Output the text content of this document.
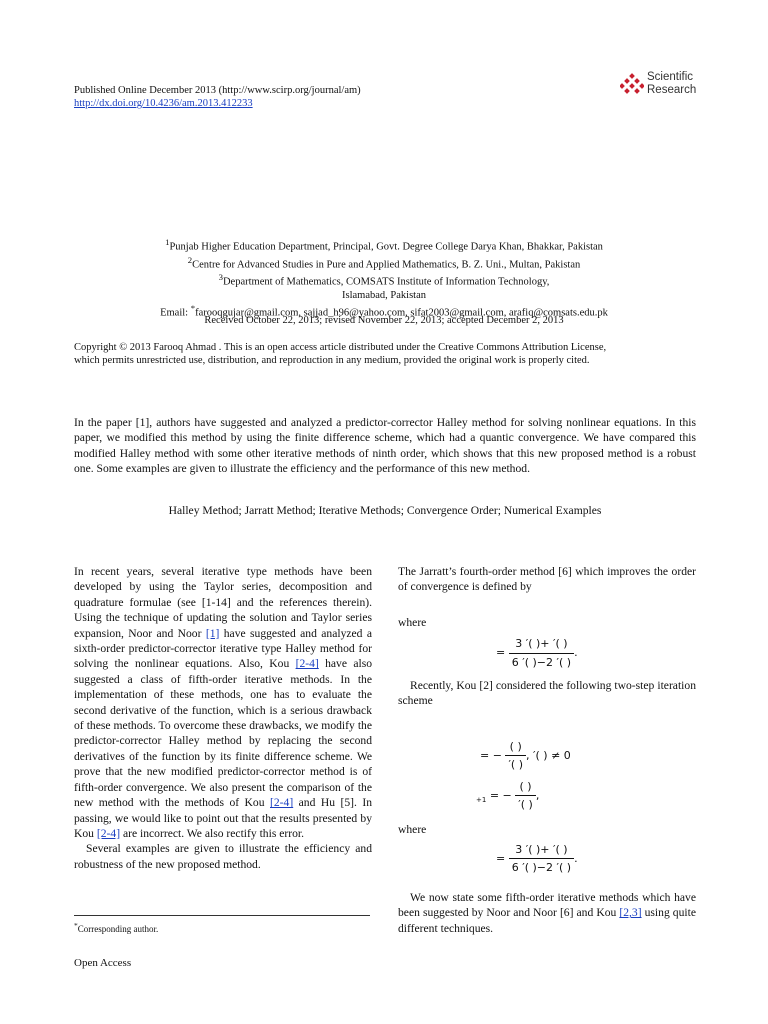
Published Online December 2013 (http://www.scirp.org/journal/am)
http://dx.doi.org/10.4236/am.2013.412233
Scientific
Research
$^1$Punjab Higher Education Department, Principal, Govt. Degree College Darya Khan, Bhakkar, Pakistan
$^2$Centre for Advanced Studies in Pure and Applied Mathematics, B. Z. Uni., Multan, Pakistan
$^3$Department of Mathematics, COMSATS Institute of Information Technology,
Islamabad, Pakistan
Email: *farooqgujar@gmail.com, sajjad_h96@yahoo.com, sifat2003@gmail.com, arafiq@comsats.edu.pk
Received October 22, 2013; revised November 22, 2013; accepted December 2, 2013
Copyright © 2013 Farooq Ahmad . This is an open access article distributed under the Creative Commons Attribution License,
which permits unrestricted use, distribution, and reproduction in any medium, provided the original work is properly cited.
In the paper [1], authors have suggested and analyzed a predictor-corrector Halley method for solving nonlinear equations. In this paper, we modified this method by using the finite difference scheme, which had a quantic convergence. We have compared this modified Halley method with some other iterative methods of ninth order, which shows that this new proposed method is a robust one. Some examples are given to illustrate the efficiency and the performance of this new method.
Halley Method; Jarratt Method; Iterative Methods; Convergence Order; Numerical Examples

In recent years, several iterative type methods have been developed by using the Taylor series, decomposition and quadrature formulae (see [1-14] and the references therein). Using the technique of updating the solution and Taylor series expansion, Noor and Noor [1] have suggested and analyzed a sixth-order predictor-corrector iterative type Halley method for solving the nonlinear equations. Also, Kou [2-4] have also suggested a class of fifth-order iterative methods. In the implementation of these methods, one has to evaluate the second derivative of the function, which is a serious drawback of these methods. To overcome these drawbacks, we modify the predictor-corrector Halley method by replacing the second derivatives of the function by its finite difference scheme. We prove that the new modified predictor-corrector method is of fifth-order convergence. We also present the comparison of the new method with the methods of Kou [2-4] and Hu [5]. In passing, we would like to point out that the results presented by Kou [2-4] are incorrect. We also rectify this error.

Several examples are given to illustrate the efficiency and robustness of the new proposed method.

*Corresponding author.
Open Access
The Jarratt’s fourth-order method [6] which improves the order of convergence is defined by
where
= $\frac{3 '( )+ '( )}{6 '( )-2 '( )}$ .
Recently, Kou [2] considered the following two-step iteration scheme
= − $\frac{( )}{'( )}$ , ′( ) ≠ 0
$_{+1}$ = − $\frac{( )}{'( )}$ ,
where
= $\frac{3 '( )+ '( )}{6 '( )-2 '( )}$ .
We now state some fifth-order iterative methods which have been suggested by Noor and Noor [6] and Kou [2,3] using quite different techniques.
